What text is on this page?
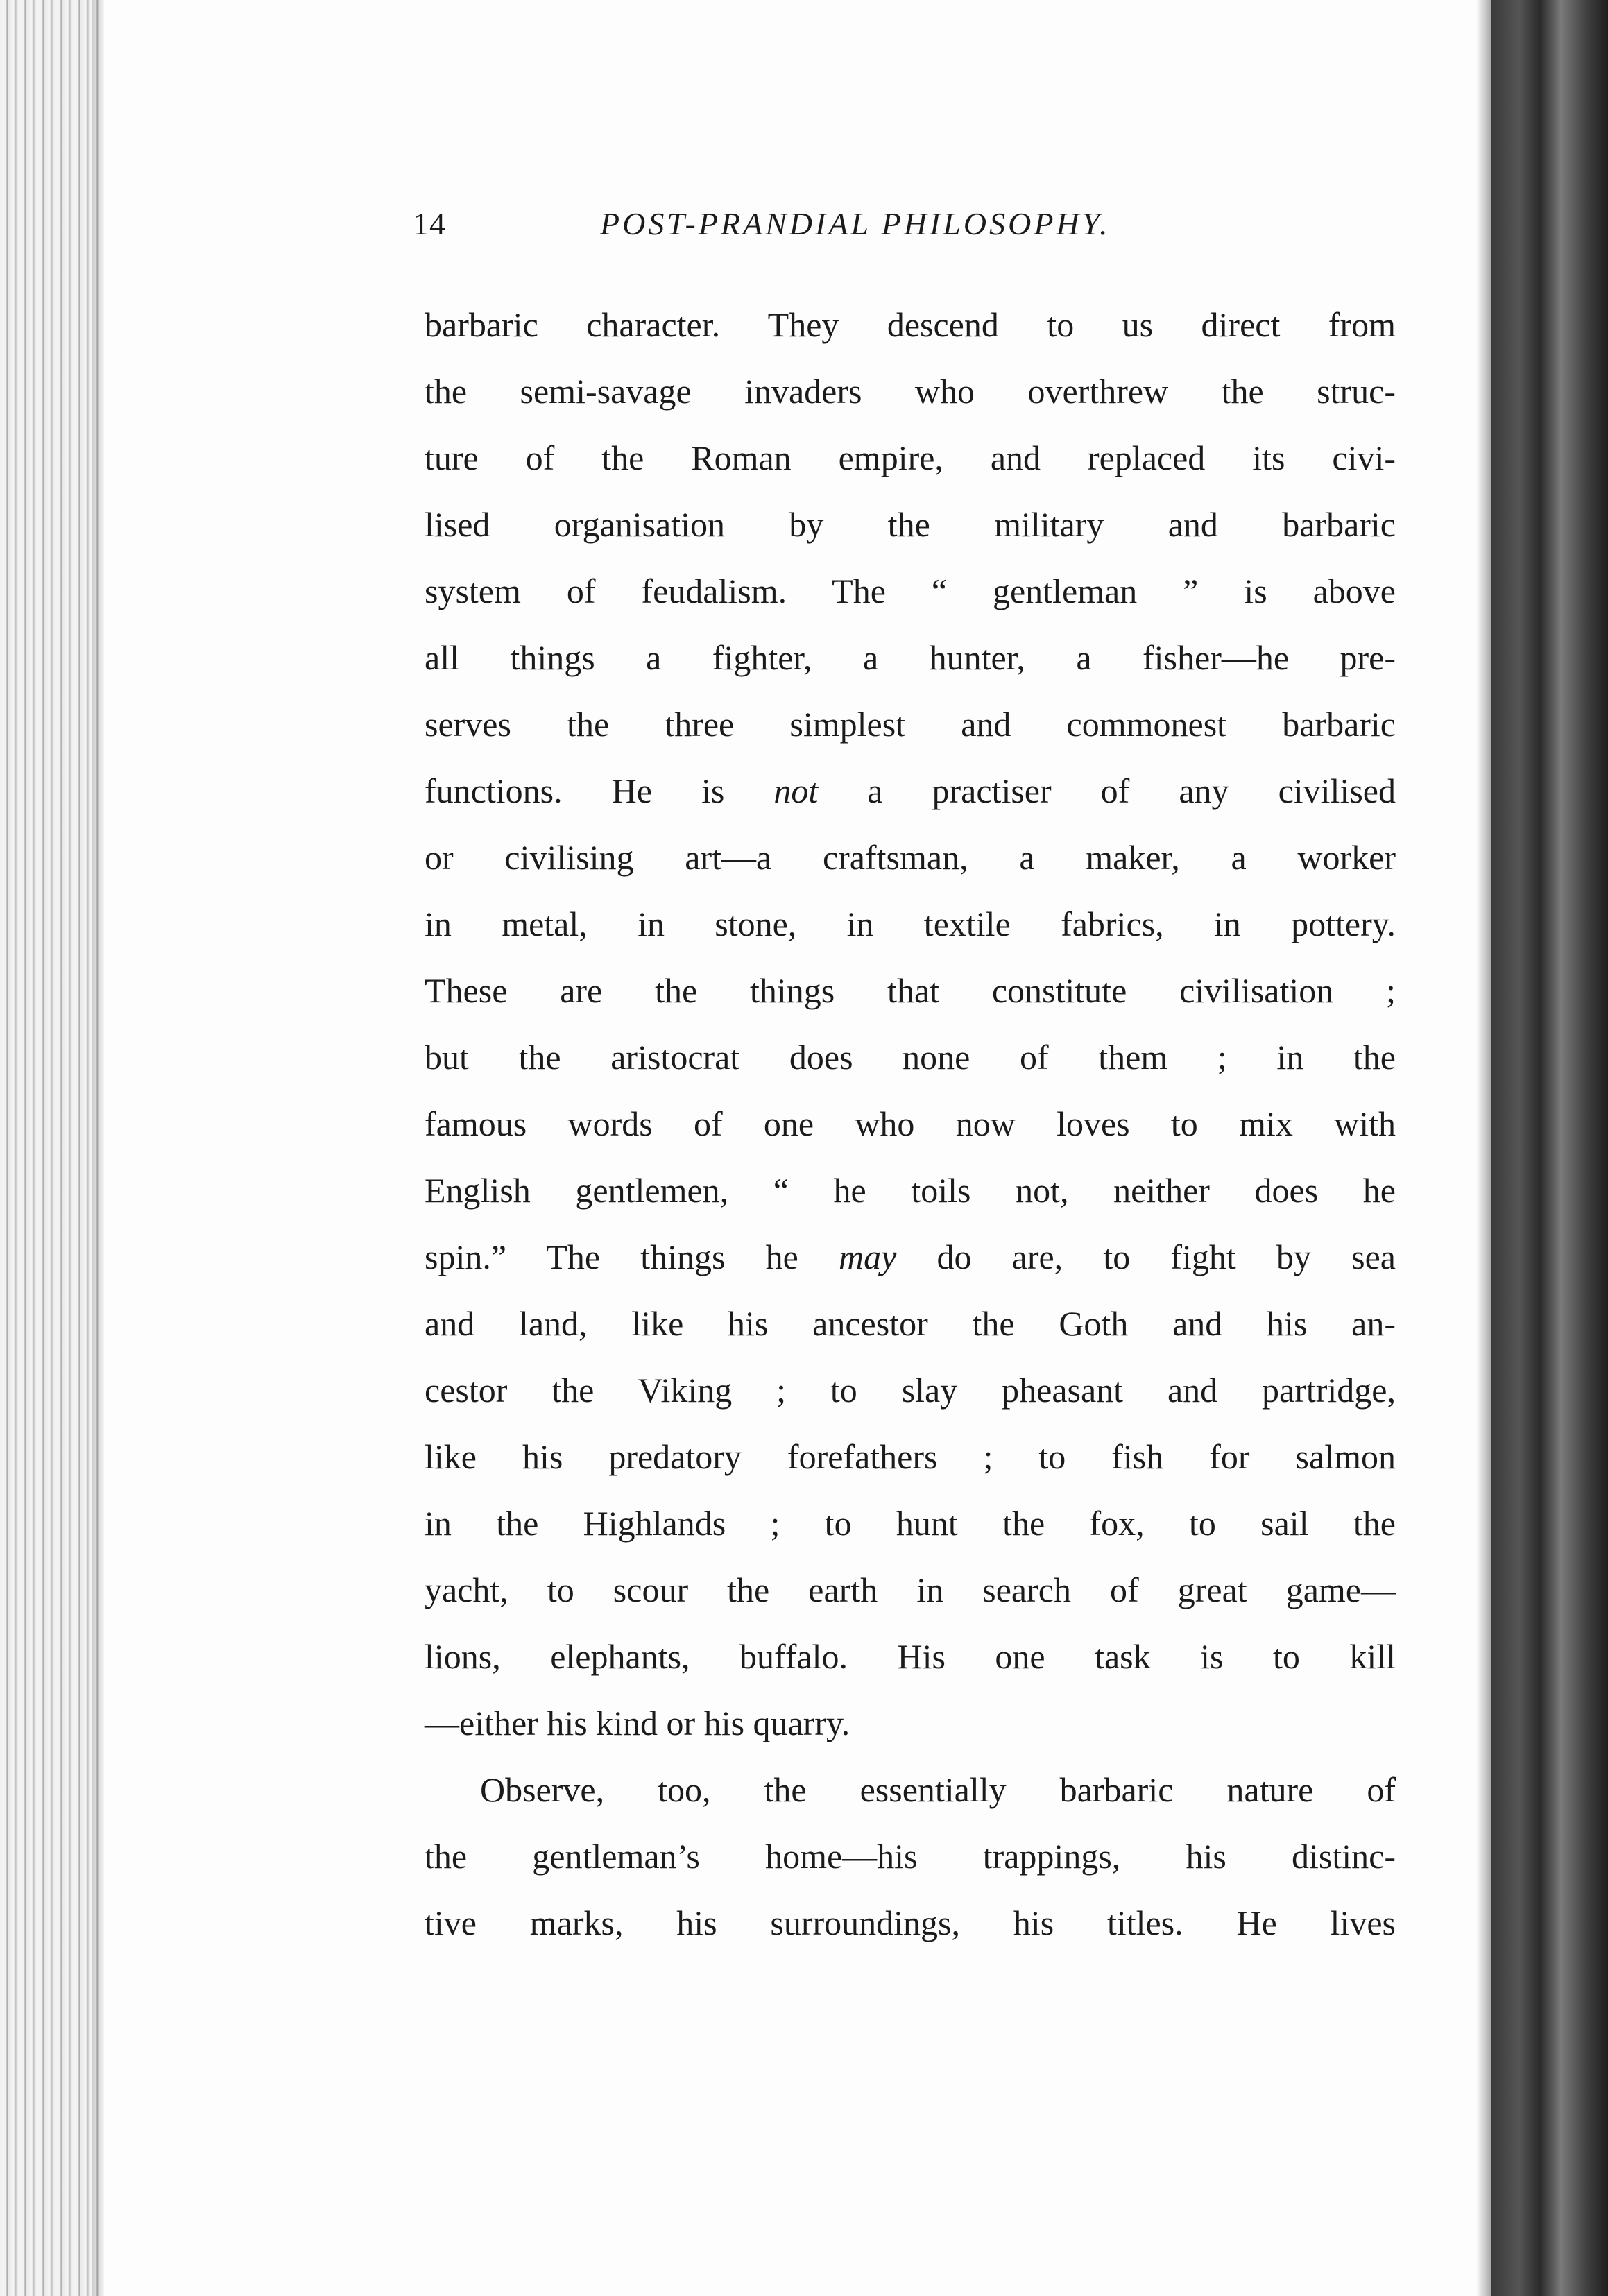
14	POST-PRANDIAL PHILOSOPHY.
barbaric character. They descend to us direct from
the semi-savage invaders who overthrew the struc-
ture of the Roman empire, and replaced its civi-
lised organisation by the military and barbaric
system of feudalism. The “ gentleman ” is above
all things a fighter, a hunter, a fisher—he pre-
serves the three simplest and commonest barbaric
functions. He is not a practiser of any civilised
or civilising art—a craftsman, a maker, a worker
in metal, in stone, in textile fabrics, in pottery.
These are the things that constitute civilisation ;
but the aristocrat does none of them ; in the
famous words of one who now loves to mix with
English gentlemen, “ he toils not, neither does he
spin.” The things he may do are, to fight by sea
and land, like his ancestor the Goth and his an-
cestor the Viking ; to slay pheasant and partridge,
like his predatory forefathers ; to fish for salmon
in the Highlands ; to hunt the fox, to sail the
yacht, to scour the earth in search of great game—
lions, elephants, buffalo. His one task is to kill
—either his kind or his quarry.
Observe, too, the essentially barbaric nature of
the gentleman’s home—his trappings, his distinc-
tive marks, his surroundings, his titles. He lives
